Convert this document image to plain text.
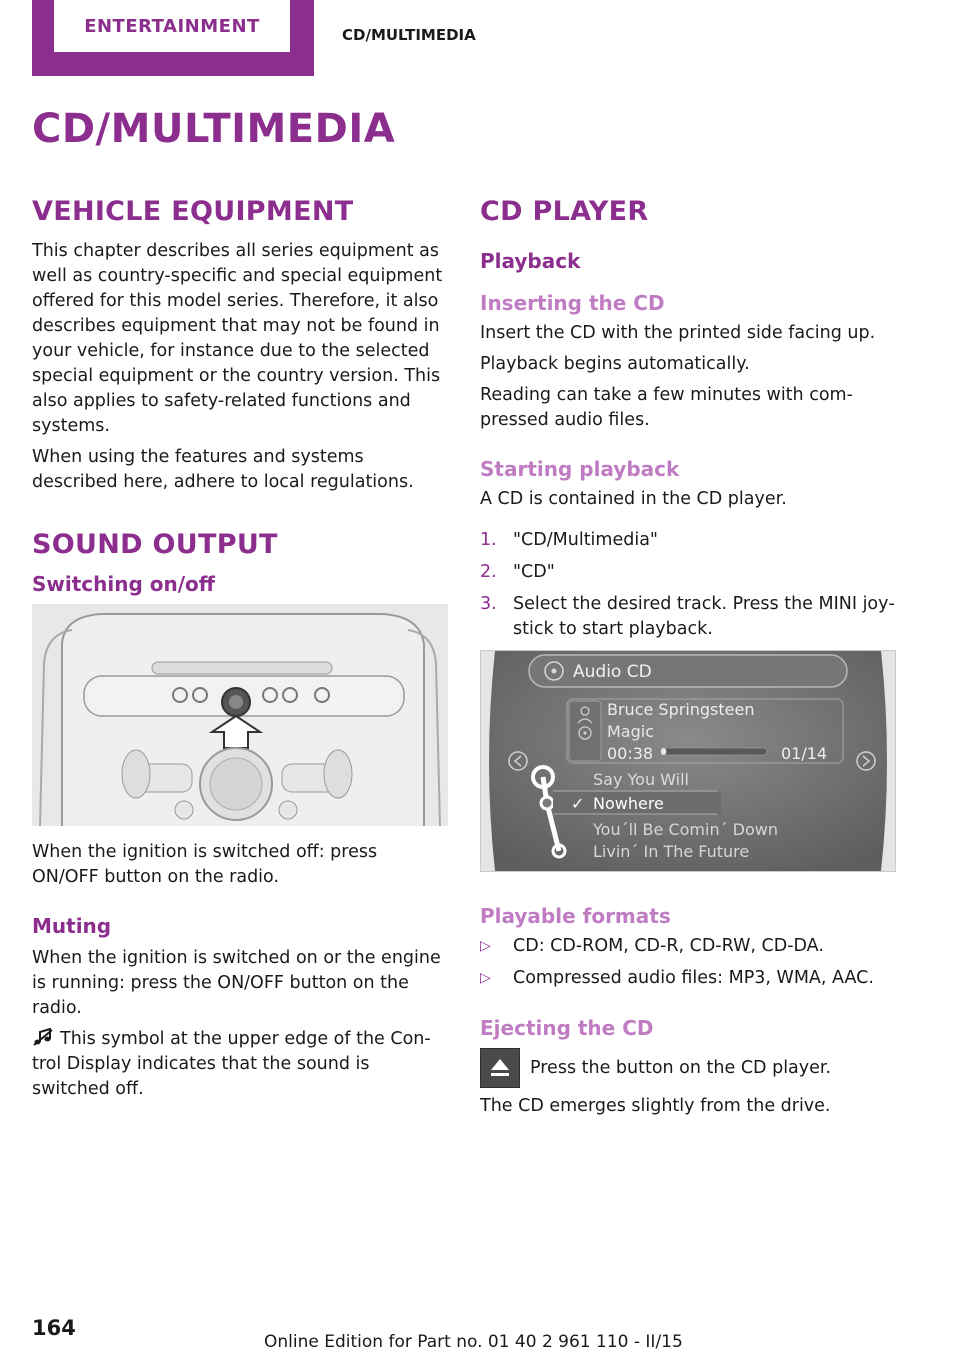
ENTERTAINMENT	CD/MULTIMEDIA
CD/MULTIMEDIA
VEHICLE EQUIPMENT

This chapter describes all series equipment as well as country-specific and special equipment offered for this model series. Therefore, it also describes equipment that may not be found in your vehicle, for instance due to the selected special equipment or the country version. This also applies to safety-related functions and systems.

When using the features and systems described here, adhere to local regulations.

SOUND OUTPUT
Switching on/off

When the ignition is switched off: press ON/OFF button on the radio.

Muting

When the ignition is switched on or the engine is running: press the ON/OFF button on the radio.

This symbol at the upper edge of the Control Display indicates that the sound is switched off.

CD PLAYER
Playback
Inserting the CD

Insert the CD with the printed side facing up.

Playback begins automatically.

Reading can take a few minutes with compressed audio files.

Starting playback

A CD is contained in the CD player.

1. "CD/Multimedia"
2. "CD"
3. Select the desired track. Press the MINI joystick to start playback.
Audio CD
Bruce Springsteen
Magic
00:38	01/14
Say You Will
✓ Nowhere
You´ll Be Comin´ Down
Livin´ In The Future
Playable formats
▷	CD: CD-ROM, CD-R, CD-RW, CD-DA.
▷	Compressed audio files: MP3, WMA, AAC.
Ejecting the CD
Press the button on the CD player.

The CD emerges slightly from the drive.

164
Online Edition for Part no. 01 40 2 961 110 - II/15
